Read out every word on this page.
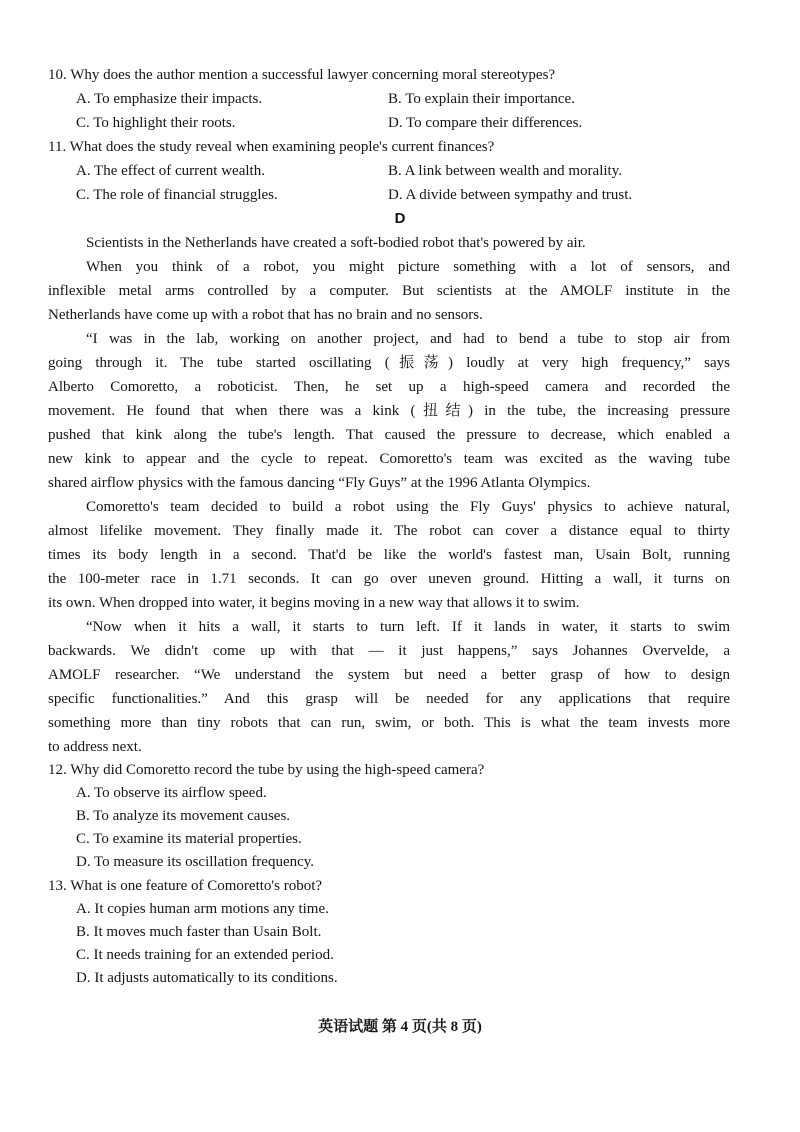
10. Why does the author mention a successful lawyer concerning moral stereotypes?
A. To emphasize their impacts.	B. To explain their importance.
C. To highlight their roots.	D. To compare their differences.
11. What does the study reveal when examining people's current finances?
A. The effect of current wealth.	B. A link between wealth and morality.
C. The role of financial struggles.	D. A divide between sympathy and trust.
D
Scientists in the Netherlands have created a soft-bodied robot that's powered by air.
When you think of a robot, you might picture something with a lot of sensors, and
inflexible metal arms controlled by a computer. But scientists at the AMOLF institute in the
Netherlands have come up with a robot that has no brain and no sensors.
“I was in the lab, working on another project, and had to bend a tube to stop air from
going through it. The tube started oscillating (振荡) loudly at very high frequency,” says
Alberto Comoretto, a roboticist. Then, he set up a high-speed camera and recorded the
movement. He found that when there was a kink (扭结) in the tube, the increasing pressure
pushed that kink along the tube's length. That caused the pressure to decrease, which enabled a
new kink to appear and the cycle to repeat. Comoretto's team was excited as the waving tube
shared airflow physics with the famous dancing “Fly Guys” at the 1996 Atlanta Olympics.
Comoretto's team decided to build a robot using the Fly Guys' physics to achieve natural,
almost lifelike movement. They finally made it. The robot can cover a distance equal to thirty
times its body length in a second. That'd be like the world's fastest man, Usain Bolt, running
the 100-meter race in 1.71 seconds. It can go over uneven ground. Hitting a wall, it turns on
its own. When dropped into water, it begins moving in a new way that allows it to swim.
“Now when it hits a wall, it starts to turn left. If it lands in water, it starts to swim
backwards. We didn't come up with that — it just happens,” says Johannes Overvelde, a
AMOLF researcher. “We understand the system but need a better grasp of how to design
specific functionalities.” And this grasp will be needed for any applications that require
something more than tiny robots that can run, swim, or both. This is what the team invests more
to address next.
12. Why did Comoretto record the tube by using the high-speed camera?
A. To observe its airflow speed.
B. To analyze its movement causes.
C. To examine its material properties.
D. To measure its oscillation frequency.
13. What is one feature of Comoretto's robot?
A. It copies human arm motions any time.
B. It moves much faster than Usain Bolt.
C. It needs training for an extended period.
D. It adjusts automatically to its conditions.
英语试题 第 4 页(共 8 页)
